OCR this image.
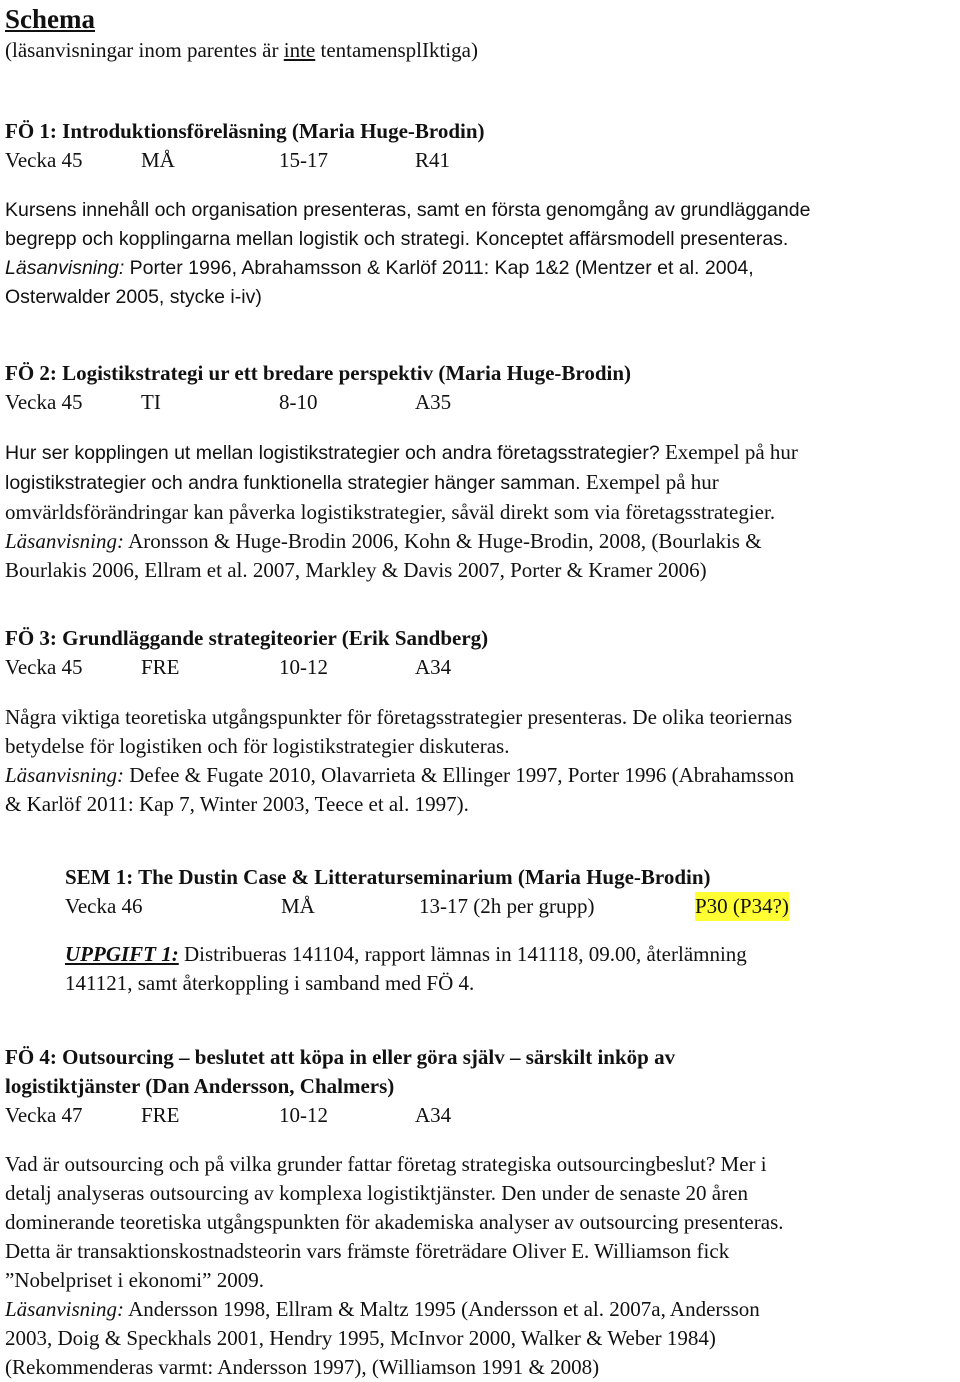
Schema

(läsanvisningar inom parentes är inte tentamensplIktiga)

FÖ 1: Introduktionsföreläsning (Maria Huge-Brodin)

Vecka 45	MÅ	15-17	R41

Kursens innehåll och organisation presenteras, samt en första genomgång av grundläggande

begrepp och kopplingarna mellan logistik och strategi. Konceptet affärsmodell presenteras.

Läsanvisning: Porter 1996, Abrahamsson & Karlöf 2011: Kap 1&2 (Mentzer et al. 2004,

Osterwalder 2005, stycke i-iv)

FÖ 2: Logistikstrategi ur ett bredare perspektiv (Maria Huge-Brodin)

Vecka 45	TI	8-10	A35

Hur ser kopplingen ut mellan logistikstrategier och andra företagsstrategier? Exempel på hur

logistikstrategier och andra funktionella strategier hänger samman. Exempel på hur

omvärldsförändringar kan påverka logistikstrategier, såväl direkt som via företagsstrategier.

Läsanvisning: Aronsson & Huge-Brodin 2006, Kohn & Huge-Brodin, 2008, (Bourlakis &

Bourlakis 2006, Ellram et al. 2007, Markley & Davis 2007, Porter & Kramer 2006)

FÖ 3: Grundläggande strategiteorier (Erik Sandberg)

Vecka 45	FRE	10-12	A34

Några viktiga teoretiska utgångspunkter för företagsstrategier presenteras. De olika teoriernas

betydelse för logistiken och för logistikstrategier diskuteras.

Läsanvisning: Defee & Fugate 2010, Olavarrieta & Ellinger 1997, Porter 1996 (Abrahamsson

& Karlöf 2011: Kap 7, Winter 2003, Teece et al. 1997).

SEM 1: The Dustin Case & Litteraturseminarium (Maria Huge-Brodin)

Vecka 46	MÅ	13-17 (2h per grupp)	P30 (P34?)

UPPGIFT 1: Distribueras 141104, rapport lämnas in 141118, 09.00, återlämning

141121, samt återkoppling i samband med FÖ 4.

FÖ 4: Outsourcing – beslutet att köpa in eller göra själv – särskilt inköp av

logistiktjänster (Dan Andersson, Chalmers)

Vecka 47	FRE	10-12	A34

Vad är outsourcing och på vilka grunder fattar företag strategiska outsourcingbeslut? Mer i

detalj analyseras outsourcing av komplexa logistiktjänster. Den under de senaste 20 åren

dominerande teoretiska utgångspunkten för akademiska analyser av outsourcing presenteras.

Detta är transaktionskostnadsteorin vars främste företrädare Oliver E. Williamson fick

”Nobelpriset i ekonomi” 2009.

Läsanvisning: Andersson 1998, Ellram & Maltz 1995 (Andersson et al. 2007a, Andersson

2003, Doig & Speckhals 2001, Hendry 1995, McInvor 2000, Walker & Weber 1984)

(Rekommenderas varmt: Andersson 1997), (Williamson 1991 & 2008)
